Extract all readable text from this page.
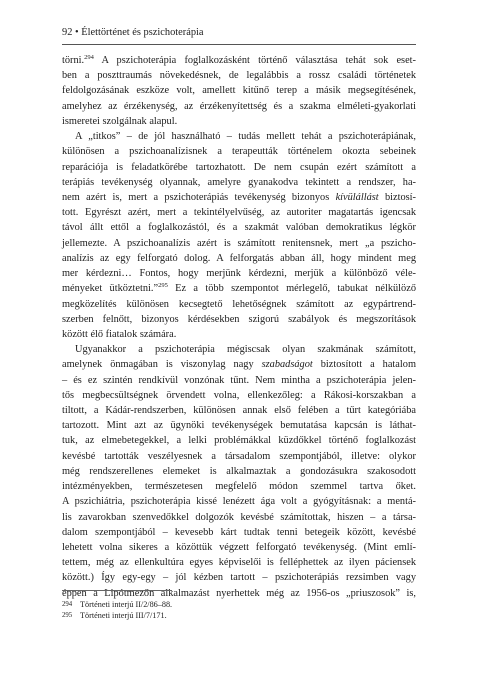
92 • Élettörténet és pszichoterápia
törni.$^{294}$ A pszichoterápia foglalkozásként történő választása tehát sok eset-
ben a poszttraumás növekedésnek, de legalábbis a rossz családi történetek
feldolgozásának eszköze volt, amellett kitűnő terep a másik megsegítésének,
amelyhez az érzékenység, az érzékenyítettség és a szakma elméleti-gyakorlati
ismeretei szolgálnak alapul.
A „titkos” – de jól használható – tudás mellett tehát a pszichoterápiának,
különösen a pszichoanalízisnek a terapeutták történelem okozta sebeinek
reparációja is feladatkörébe tartozhatott. De nem csupán ezért számított a
terápiás tevékenység olyannak, amelyre gyanakodva tekintett a rendszer, ha-
nem azért is, mert a pszichoterápiás tevékenység bizonyos kívülállást biztosí-
tott. Egyrészt azért, mert a tekintélyelvűség, az autoriter magatartás igencsak
távol állt ettől a foglalkozástól, és a szakmát valóban demokratikus légkör
jellemezte. A pszichoanalízis azért is számított renitensnek, mert „a pszicho-
analízis az egy felforgató dolog. A felforgatás abban áll, hogy mindent meg
mer kérdezni… Fontos, hogy merjünk kérdezni, merjük a különböző véle-
ményeket ütköztetni.”$^{295}$ Ez a több szempontot mérlegelő, tabukat nélkülöző
megközelítés különösen kecsegtető lehetőségnek számított az egypártrend-
szerben felnőtt, bizonyos kérdésekben szigorú szabályok és megszorítások
között élő fiatalok számára.
Ugyanakkor a pszichoterápia mégiscsak olyan szakmának számított,
amelynek önmagában is viszonylag nagy szabadságot biztosított a hatalom
– és ez szintén rendkívül vonzónak tűnt. Nem mintha a pszichoterápia jelen-
tős megbecsültségnek örvendett volna, ellenkezőleg: a Rákosi-korszakban a
tiltott, a Kádár-rendszerben, különösen annak első felében a tűrt kategóriába
tartozott. Mint azt az ügynöki tevékenységek bemutatása kapcsán is láthat-
tuk, az elmebetegekkel, a lelki problémákkal küzdőkkel történő foglalkozást
kevésbé tartották veszélyesnek a társadalom szempontjából, illetve: olykor
még rendszerellenes elemeket is alkalmaztak a gondozásukra szakosodott
intézményekben, természetesen megfelelő módon szemmel tartva őket.
A pszichiátria, pszichoterápia kissé lenézett ága volt a gyógyításnak: a mentá-
lis zavarokban szenvedőkkel dolgozók kevésbé számítottak, hiszen – a társa-
dalom szempontjából – kevesebb kárt tudtak tenni betegeik között, kevésbé
lehetett volna sikeres a közöttük végzett felforgató tevékenység. (Mint emlí-
tettem, még az ellenkultúra egyes képviselői is felléphettek az ilyen páciensek
között.) Így egy-egy – jól kézben tartott – pszichoterápiás rezsimben vagy
éppen a Lipótmezőn alkalmazást nyerhettek még az 1956-os „priuszosok” is,
294 Történeti interjú II/2/86–88.
295 Történeti interjú III/7/171.
